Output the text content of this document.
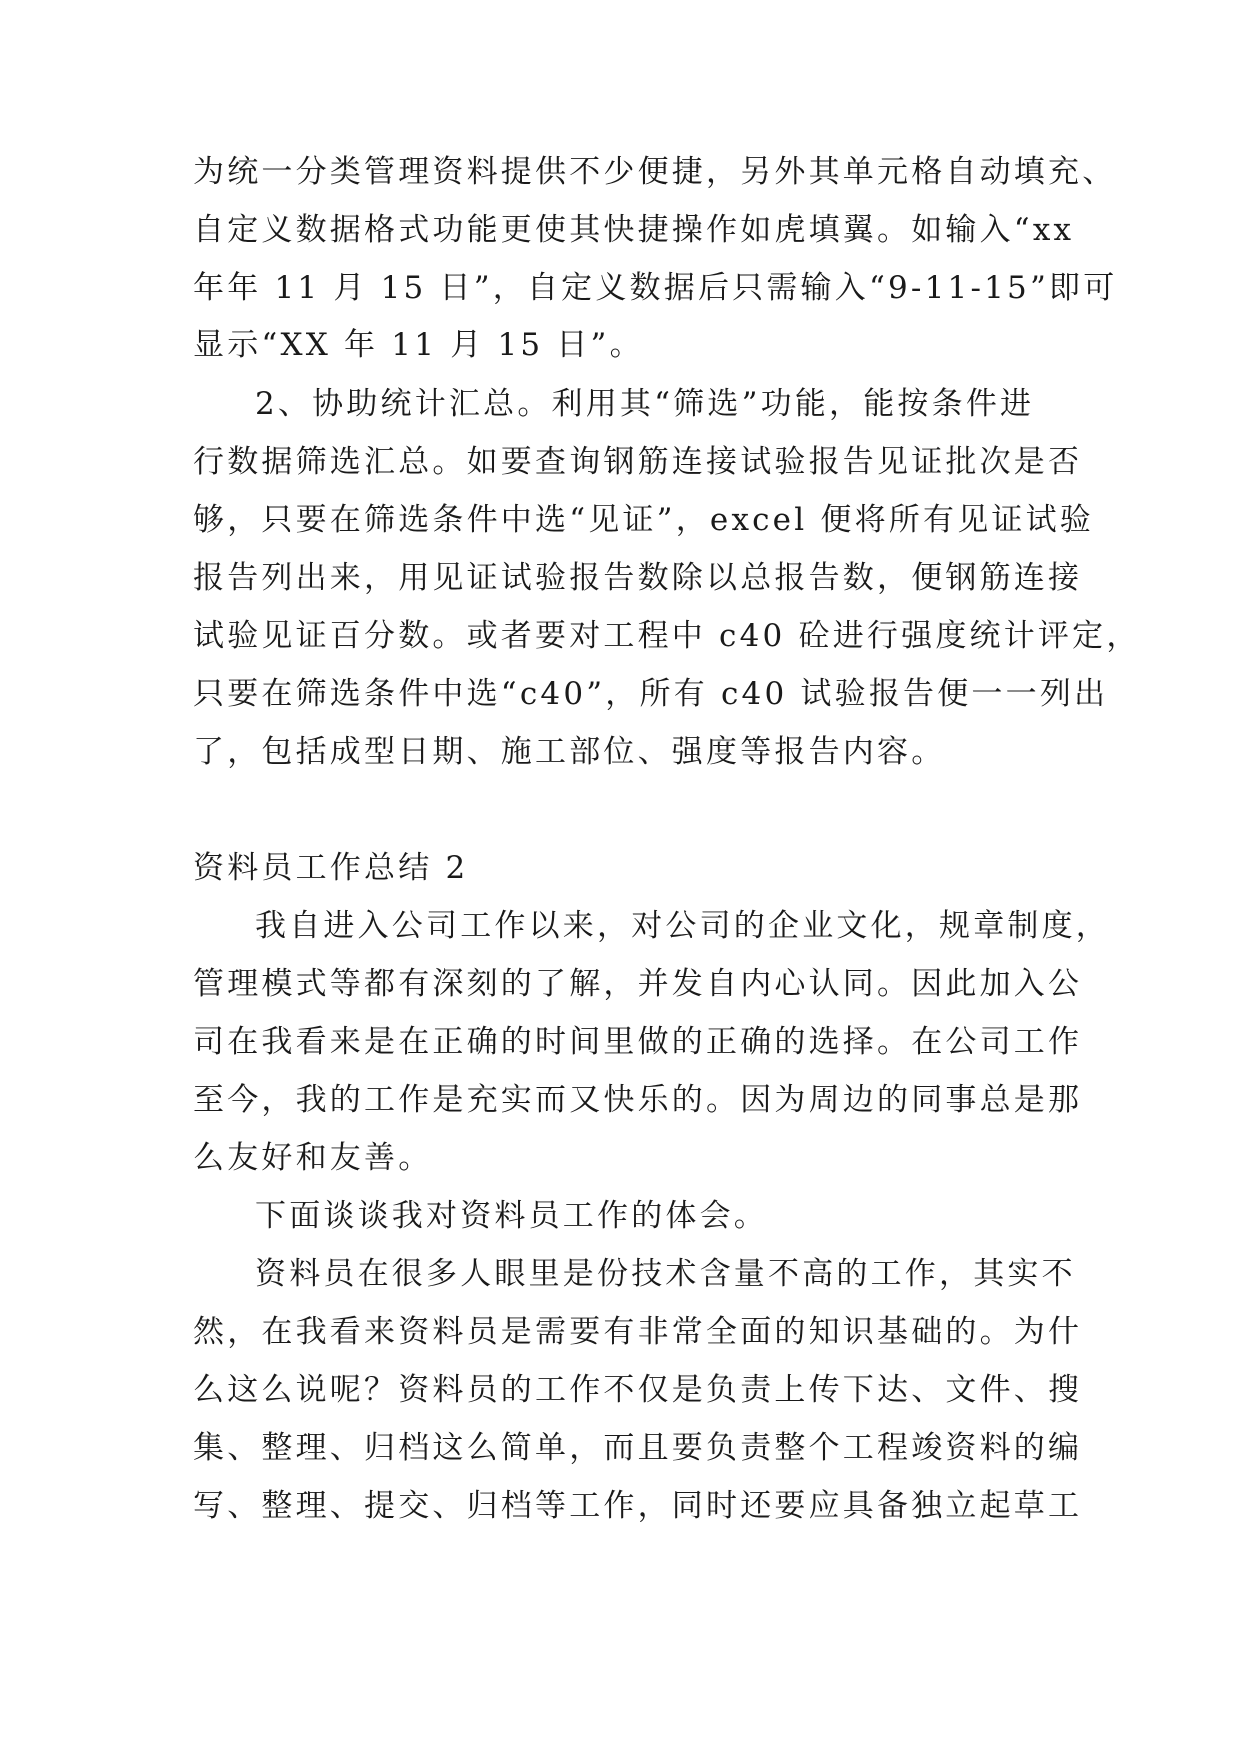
为统一分类管理资料提供不少便捷，另外其单元格自动填充、
自定义数据格式功能更使其快捷操作如虎填翼。如输入“xx
年年 11 月 15 日”，自定义数据后只需输入“9-11-15”即可
显示“XX 年 11 月 15 日”。
2、协助统计汇总。利用其“筛选”功能，能按条件进
行数据筛选汇总。如要查询钢筋连接试验报告见证批次是否
够，只要在筛选条件中选“见证”，excel 便将所有见证试验
报告列出来，用见证试验报告数除以总报告数，便钢筋连接
试验见证百分数。或者要对工程中 c40 砼进行强度统计评定，
只要在筛选条件中选“c40”，所有 c40 试验报告便一一列出
了，包括成型日期、施工部位、强度等报告内容。
资料员工作总结 2
我自进入公司工作以来，对公司的企业文化，规章制度，
管理模式等都有深刻的了解，并发自内心认同。因此加入公
司在我看来是在正确的时间里做的正确的选择。在公司工作
至今，我的工作是充实而又快乐的。因为周边的同事总是那
么友好和友善。
下面谈谈我对资料员工作的体会。
资料员在很多人眼里是份技术含量不高的工作，其实不
然，在我看来资料员是需要有非常全面的知识基础的。为什
么这么说呢？资料员的工作不仅是负责上传下达、文件、搜
集、整理、归档这么简单，而且要负责整个工程竣资料的编
写、整理、提交、归档等工作，同时还要应具备独立起草工
